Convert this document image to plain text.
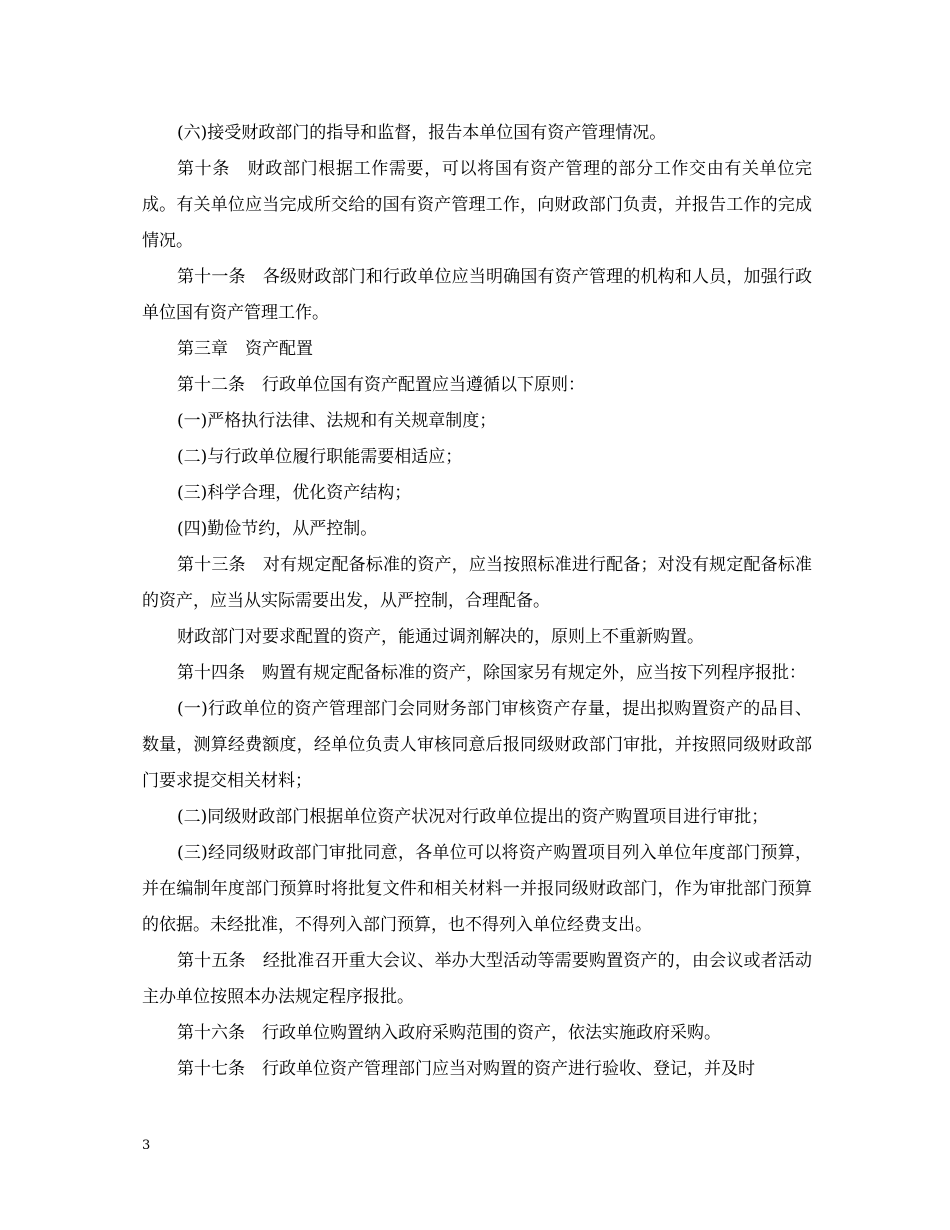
(六)接受财政部门的指导和监督，报告本单位国有资产管理情况。

第十条　财政部门根据工作需要，可以将国有资产管理的部分工作交由有关单位完成。有关单位应当完成所交给的国有资产管理工作，向财政部门负责，并报告工作的完成情况。

第十一条　各级财政部门和行政单位应当明确国有资产管理的机构和人员，加强行政单位国有资产管理工作。

第三章　资产配置

第十二条　行政单位国有资产配置应当遵循以下原则：

(一)严格执行法律、法规和有关规章制度；

(二)与行政单位履行职能需要相适应；

(三)科学合理，优化资产结构；

(四)勤俭节约，从严控制。

第十三条　对有规定配备标准的资产，应当按照标准进行配备；对没有规定配备标准的资产，应当从实际需要出发，从严控制，合理配备。

财政部门对要求配置的资产，能通过调剂解决的，原则上不重新购置。

第十四条　购置有规定配备标准的资产，除国家另有规定外，应当按下列程序报批：

(一)行政单位的资产管理部门会同财务部门审核资产存量，提出拟购置资产的品目、数量，测算经费额度，经单位负责人审核同意后报同级财政部门审批，并按照同级财政部门要求提交相关材料；

(二)同级财政部门根据单位资产状况对行政单位提出的资产购置项目进行审批；

(三)经同级财政部门审批同意，各单位可以将资产购置项目列入单位年度部门预算，并在编制年度部门预算时将批复文件和相关材料一并报同级财政部门，作为审批部门预算的依据。未经批准，不得列入部门预算，也不得列入单位经费支出。

第十五条　经批准召开重大会议、举办大型活动等需要购置资产的，由会议或者活动主办单位按照本办法规定程序报批。

第十六条　行政单位购置纳入政府采购范围的资产，依法实施政府采购。

第十七条　行政单位资产管理部门应当对购置的资产进行验收、登记，并及时

3
